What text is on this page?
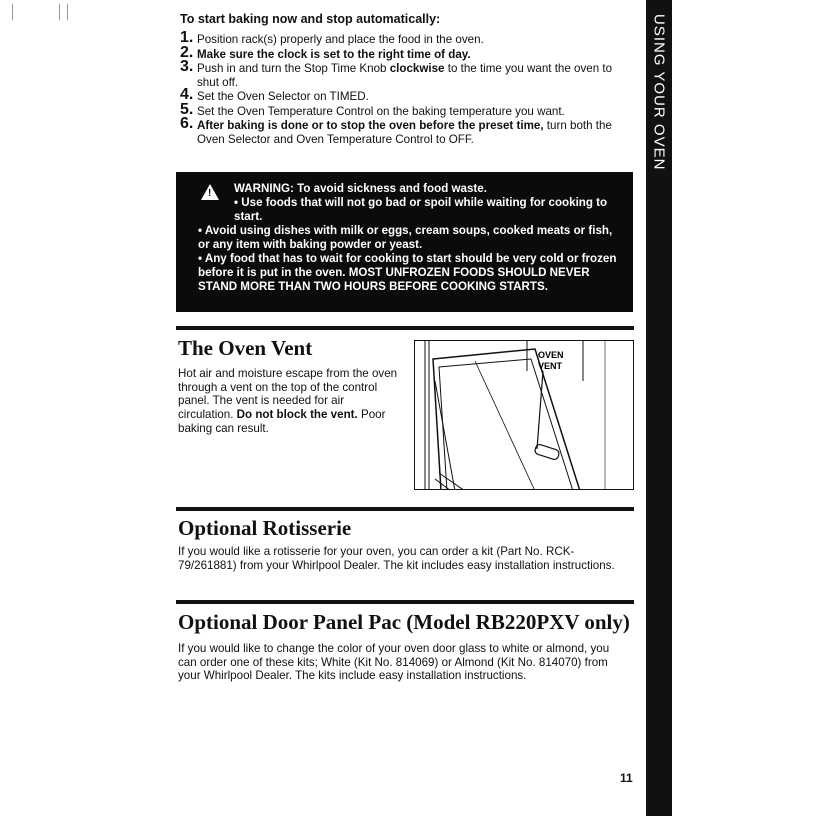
USING YOUR OVEN
To start baking now and stop automatically:
1. Position rack(s) properly and place the food in the oven.
2. Make sure the clock is set to the right time of day.
3. Push in and turn the Stop Time Knob clockwise to the time you want the oven to shut off.
4. Set the Oven Selector on TIMED.
5. Set the Oven Temperature Control on the baking temperature you want.
6. After baking is done or to stop the oven before the preset time, turn both the Oven Selector and Oven Temperature Control to OFF.
!	WARNING: To avoid sickness and food waste.

• Use foods that will not go bad or spoil while waiting for cooking to start.

• Avoid using dishes with milk or eggs, cream soups, cooked meats or fish, or any item with baking powder or yeast.

• Any food that has to wait for cooking to start should be very cold or frozen before it is put in the oven. MOST UNFROZEN FOODS SHOULD NEVER STAND MORE THAN TWO HOURS BEFORE COOKING STARTS.

The Oven Vent
Hot air and moisture escape from the oven through a vent on the top of the control panel. The vent is needed for air circulation. Do not block the vent. Poor baking can result.
OVEN
VENT
Optional Rotisserie
If you would like a rotisserie for your oven, you can order a kit (Part No. RCK-79/261881) from your Whirlpool Dealer. The kit includes easy installation instructions.
Optional Door Panel Pac (Model RB220PXV only)
If you would like to change the color of your oven door glass to white or almond, you can order one of these kits; White (Kit No. 814069) or Almond (Kit No. 814070) from your Whirlpool Dealer. The kits include easy installation instructions.
11
